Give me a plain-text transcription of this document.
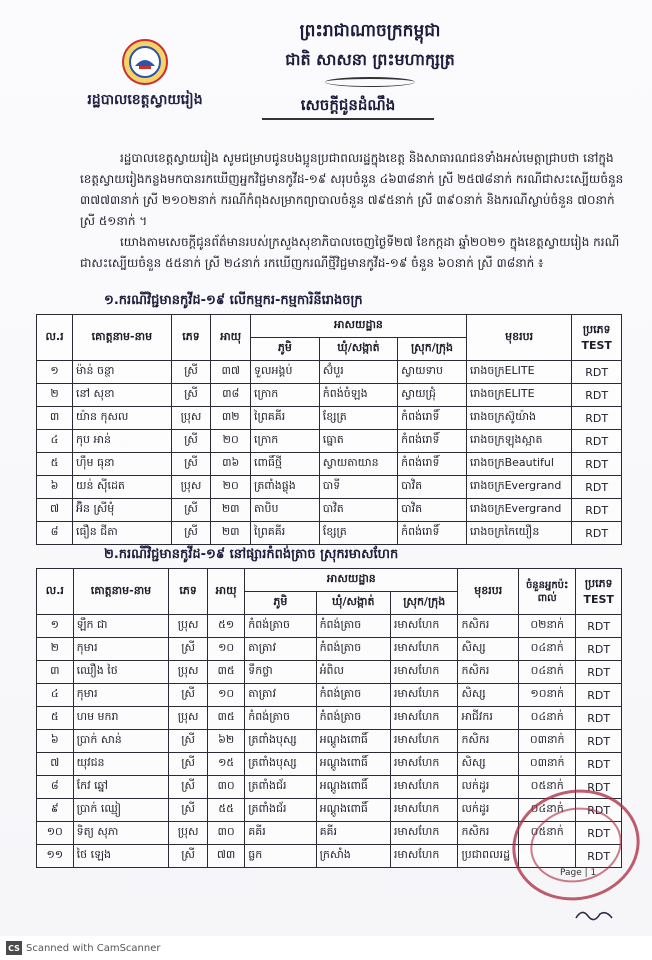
រដ្ឋបាលខេត្តស្វាយរៀង
ព្រះរាជាណាចក្រកម្ពុជា
ជាតិ សាសនា ព្រះមហាក្សត្រ
សេចក្តីជូនដំណឹង
រដ្ឋបាលខេត្តស្វាយរៀង សូមជម្រាបជូនបងប្អូនប្រជាពលរដ្ឋក្នុងខេត្ត និងសាធារណជនទាំងអស់មេត្តាជ្រាបថា នៅក្នុងខេត្តស្វាយរៀងកន្លងមកបានរកឃើញអ្នកវិជ្ជមានកូវីដ-១៩ សរុបចំនួន ៤៦៣៨នាក់ ស្រី ២៥៧៨នាក់ ករណីជាសះស្បើយចំនួន ៣៧៧៣នាក់ ស្រី ២១០២នាក់ ករណីកំពុងសម្រាកព្យាបាលចំនួន ៧៩៥នាក់ ស្រី ៣៩០នាក់ និងករណីស្លាប់ចំនួន ៧០នាក់ ស្រី ៥១នាក់ ។
យោងតាមសេចក្តីជូនព័ត៌មានរបស់ក្រសួងសុខាភិបាលចេញថ្ងៃទី២៧ ខែកក្កដា ឆ្នាំ២០២១ ក្នុងខេត្តស្វាយរៀង ករណីជាសះស្បើយចំនួន ៥៥នាក់ ស្រី ២៤នាក់ រកឃើញករណីថ្មីវិជ្ជមានកូវីដ-១៩ ចំនួន ៦០នាក់ ស្រី ៣៨នាក់ ៖
១.ករណីវិជ្ជមានកូវីដ-១៩ លើកម្មករ-កម្មការិនីរោងចក្រ
ល.រ	គោត្តនាម-នាម	ភេទ	អាយុ	អាសយដ្ឋាន			មុខរបរ	ប្រភេទ
TEST

				ភូមិ	ឃុំ/សង្កាត់	ស្រុក/ក្រុង		
១	ម៉ាន់ ចន្ថា	ស្រី	៣៧	ទួលអង្គប់	ស៊ំបួរ	ស្វាយទាប	រោងចក្រELITE	RDT
២	នៅ សុខា	ស្រី	៣៨	ក្រោក	កំពង់ចំឡង	ស្វាយជ្រុំ	រោងចក្រELITE	RDT
៣	យ៉ាន កុសល	ប្រុស	៣២	ព្រៃគគីរ	ខ្សែត្រ	កំពង់រោទិ៍	រោងចក្រស៊ូយ៉ាង	RDT
៤	កុប អាន់	ស្រី	២០	ក្រោក	ធ្នោត	កំពង់រោទិ៍	រោងចក្រឡុងស្អាត	RDT
៥	ហ៊ឹម ធុនា	ស្រី	៣៦	ពោធិ៍ថ្មី	ស្វាយតាយាន	កំពង់រោទិ៍	រោងចក្រBeautiful	RDT
៦	យន់ ស៊ីដេត	ប្រុស	២០	ត្រពាំងផ្លុង	បាទី	បាវិត	រោងចក្រEvergrand	RDT
៧	អ៊ិន ស្រីមុំ	ស្រី	២៣	តាបិប	បាវិត	បាវិត	រោងចក្រEvergrand	RDT
៨	ធឿន ជីតា	ស្រី	២៣	ព្រៃគគីរ	ខ្សែត្រ	កំពង់រោទិ៍	រោងចក្រកៃយឿន	RDT
២.ករណីវិជ្ជមានកូវីដ-១៩ នៅផ្សារកំពង់ត្រាច ស្រុករមាសហែក
ល.រ	គោត្តនាម-នាម	ភេទ	អាយុ	អាសយដ្ឋាន			មុខរបរ	ចំនួនអ្នកប៉ះពាល់	ប្រភេទ
TEST

				ភូមិ	ឃុំ/សង្កាត់	ស្រុក/ក្រុង			
១	ឡឹក ជា	ប្រុស	៥១	កំពង់ត្រាច	កំពង់ត្រាច	រមាសហែក	កសិករ	០២នាក់	RDT
២	កុមារ	ស្រី	១០	តាត្រាវ	កំពង់ត្រាច	រមាសហែក	សិស្ស	០៤នាក់	RDT
៣	ឈឿង ថៃ	ប្រុស	៣៥	ទឹកថ្លា	អំពិល	រមាសហែក	កសិករ	០៤នាក់	RDT
៤	កុមារ	ស្រី	១០	តាត្រាវ	កំពង់ត្រាច	រមាសហែក	សិស្ស	១០នាក់	RDT
៥	ហម មករា	ប្រុស	៣៥	កំពង់ត្រាច	កំពង់ត្រាច	រមាសហែក	អាជីវករ	០៤នាក់	RDT
៦	ប្រាក់ សាន់	ស្រី	៦២	ត្រពាំងបុស្ស	អណ្តូងពោធិ៍	រមាសហែក	កសិករ	០៣នាក់	RDT
៧	យុវជន	ស្រី	១៥	ត្រពាំងបុស្ស	អណ្តូងពោធិ៍	រមាសហែក	សិស្ស	០៣នាក់	RDT
៨	កែវ ឆ្នៅ	ស្រី	៣០	ត្រពាំងជ័រ	អណ្តូងពោធិ៍	រមាសហែក	លក់ដូរ	០៥នាក់	RDT
៩	ប្រាក់ ឈ្មៀ	ស្រី	៥៥	ត្រពាំងជ័រ	អណ្តូងពោធិ៍	រមាសហែក	លក់ដូរ	០៤នាក់	RDT
១០	ទិត្យ សុភា	ប្រុស	៣០	គគីរ	គគីរ	រមាសហែក	កសិករ	០៥នាក់	RDT
១១	ថៃ ឡេង	ស្រី	៧៣	ធ្លក	ក្រសាំង	រមាសហែក	ប្រជាពលរដ្ឋ		RDT
Page | 1
CS Scanned with CamScanner
